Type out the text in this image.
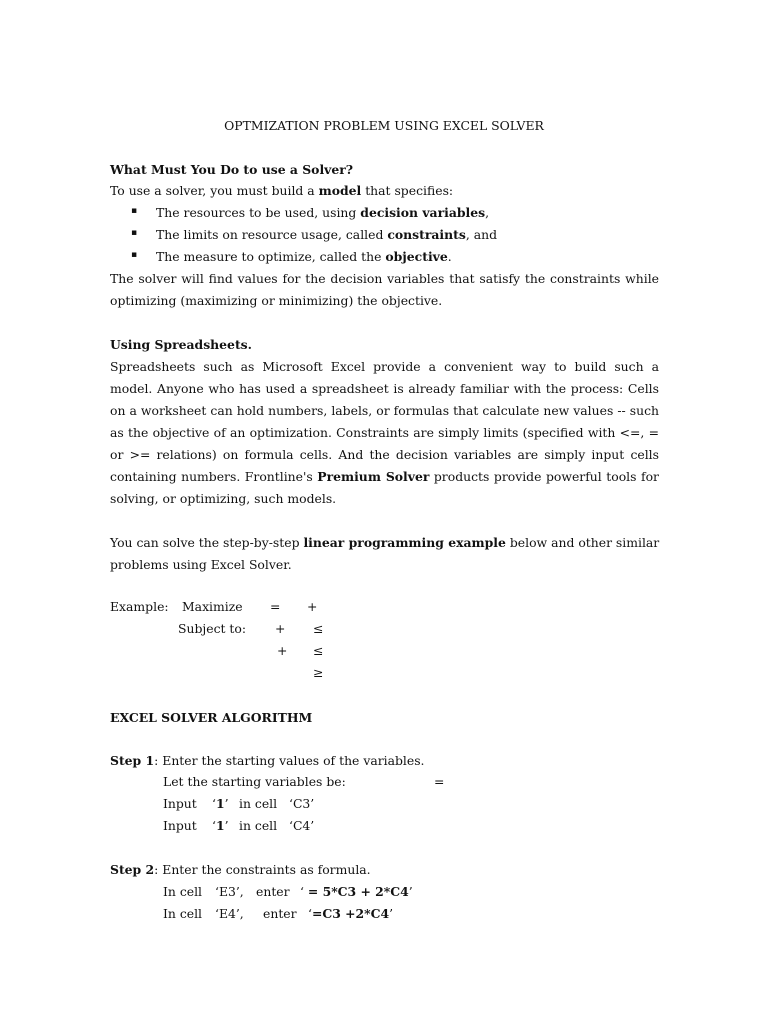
OPTMIZATION PROBLEM USING EXCEL SOLVER
What Must You Do to use a Solver?
To use a solver, you must build a model that specifies:
▪ The resources to be used, using decision variables,
▪ The limits on resource usage, called constraints, and
▪ The measure to optimize, called the objective.
The solver will find values for the decision variables that satisfy the constraints while
optimizing (maximizing or minimizing) the objective.
Using Spreadsheets.
Spreadsheets such as Microsoft Excel provide a convenient way to build such a
model. Anyone who has used a spreadsheet is already familiar with the process: Cells
on a worksheet can hold numbers, labels, or formulas that calculate new values -- such
as the objective of an optimization. Constraints are simply limits (specified with <=, =
or >= relations) on formula cells. And the decision variables are simply input cells
containing numbers. Frontline's Premium Solver products provide powerful tools for
solving, or optimizing, such models.
You can solve the step-by-step linear programming example below and other similar
problems using Excel Solver.
Example: Maximize = +
Subject to: + ≤
+ ≤
≥
EXCEL SOLVER ALGORITHM
Step 1: Enter the starting values of the variables.
Let the starting variables be:	=
Input ‘1’ in cell ‘C3’
Input ‘1’ in cell ‘C4’
Step 2: Enter the constraints as formula.
In cell ‘E3’, enter ‘ = 5*C3 + 2*C4’
In cell ‘E4’, enter ‘=C3 +2*C4’
